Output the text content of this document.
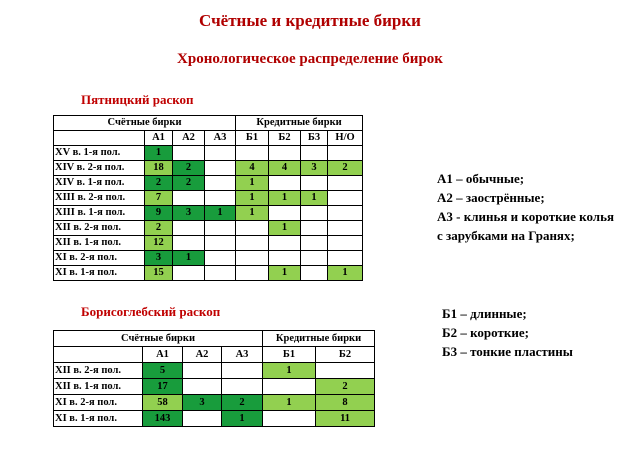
Счётные и кредитные бирки
Хронологическое распределение бирок
Пятницкий раскоп
Счётные бирки				Кредитные бирки			
	А1	А2	А3	Б1	Б2	Б3	Н/О
XV в. 1-я пол.	1						
XIV в. 2-я пол.	18	2		4	4	3	2
XIV в. 1-я пол.	2	2		1			
XIII в. 2-я пол.	7			1	1	1	
XIII в. 1-я пол.	9	3	1	1			
XII в. 2-я пол.	2				1		
XII в. 1-я пол.	12						
XI в. 2-я пол.	3	1					
XI в. 1-я пол.	15				1		1
Борисоглебский раскоп
Счётные бирки				Кредитные бирки	
	А1	А2	А3	Б1	Б2
XII в. 2-я пол.	5			1	
XII в. 1-я пол.	17				2
XI в. 2-я пол.	58	3	2	1	8
XI в. 1-я пол.	143		1		11
А1 – обычные;
А2 – заострённые;
А3 - клинья и короткие колья с зарубками на Гранях;
Б1 – длинные;
Б2 – короткие;
Б3 – тонкие пластины
